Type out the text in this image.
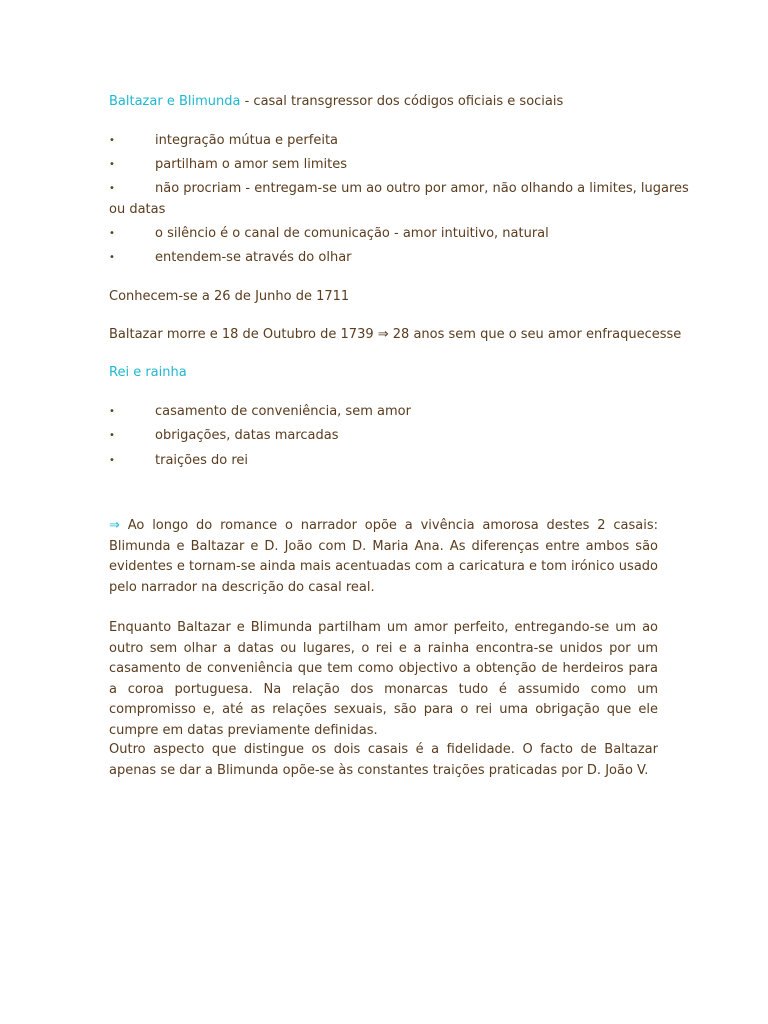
Baltazar e Blimunda - casal transgressor dos códigos oficiais e sociais
•	integração mútua e perfeita
•	partilham o amor sem limites
•	não procriam - entregam-se um ao outro por amor, não olhando a limites, lugares
ou datas
•	o silêncio é o canal de comunicação - amor intuitivo, natural
•	entendem-se através do olhar
Conhecem-se a 26 de Junho de 1711
Baltazar morre e 18 de Outubro de 1739 ⇒ 28 anos sem que o seu amor enfraquecesse
Rei e rainha
•	casamento de conveniência, sem amor
•	obrigações, datas marcadas
•	traições do rei

⇒ Ao longo do romance o narrador opõe a vivência amorosa destes 2 casais: Blimunda e Baltazar e D. João com D. Maria Ana. As diferenças entre ambos são evidentes e tornam-se ainda mais acentuadas com a caricatura e tom irónico usado pelo narrador na descrição do casal real.

Enquanto Baltazar e Blimunda partilham um amor perfeito, entregando-se um ao outro sem olhar a datas ou lugares, o rei e a rainha encontra-se unidos por um casamento de conveniência que tem como objectivo a obtenção de herdeiros para a coroa portuguesa. Na relação dos monarcas tudo é assumido como um compromisso e, até as relações sexuais, são para o rei uma obrigação que ele cumpre em datas previamente definidas.

Outro aspecto que distingue os dois casais é a fidelidade. O facto de Baltazar apenas se dar a Blimunda opõe-se às constantes traições praticadas por D. João V.
